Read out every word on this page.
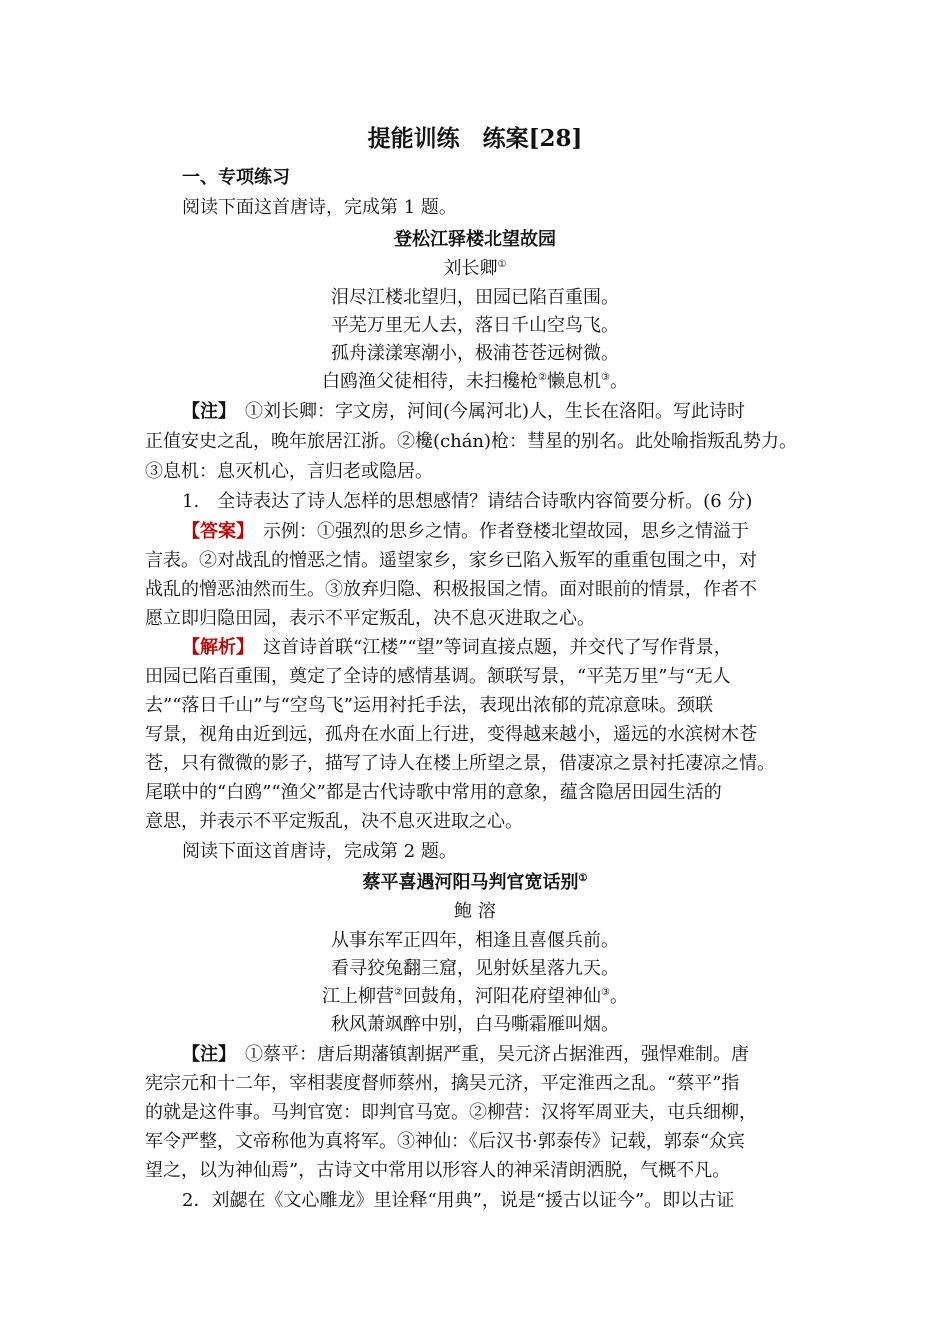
提能训练　练案[28]
一、专项练习
阅读下面这首唐诗，完成第 1 题。
登松江驿楼北望故园
刘长卿①
泪尽江楼北望归，田园已陷百重围。
平芜万里无人去，落日千山空鸟飞。
孤舟漾漾寒潮小，极浦苍苍远树微。
白鸥渔父徒相待，未扫欃枪②懒息机③。
【注】　 ①刘长卿：字文房，河间(今属河北)人，生长在洛阳。写此诗时
正值安史之乱，晚年旅居江浙。②欃(chán)枪：彗星的别名。此处喻指叛乱势力。
③息机：息灭机心，言归老或隐居。
1.　全诗表达了诗人怎样的思想感情？请结合诗歌内容简要分析。(6 分)
【答案】　 示例：①强烈的思乡之情。作者登楼北望故园，思乡之情溢于
言表。②对战乱的憎恶之情。遥望家乡，家乡已陷入叛军的重重包围之中，对
战乱的憎恶油然而生。③放弃归隐、积极报国之情。面对眼前的情景，作者不
愿立即归隐田园，表示不平定叛乱，决不息灭进取之心。
【解析】　 这首诗首联“江楼”“望”等词直接点题，并交代了写作背景，
田园已陷百重围，奠定了全诗的感情基调。颔联写景，“平芜万里”与“无人
去”“落日千山”与“空鸟飞”运用衬托手法，表现出浓郁的荒凉意味。颈联
写景，视角由近到远，孤舟在水面上行进，变得越来越小，遥远的水滨树木苍
苍，只有微微的影子，描写了诗人在楼上所望之景，借凄凉之景衬托凄凉之情。
尾联中的“白鸥”“渔父”都是古代诗歌中常用的意象，蕴含隐居田园生活的
意思，并表示不平定叛乱，决不息灭进取之心。
阅读下面这首唐诗，完成第 2 题。
蔡平喜遇河阳马判官宽话别①
鲍 溶
从事东军正四年，相逢且喜偃兵前。
看寻狡兔翻三窟，见射妖星落九天。
江上柳营②回鼓角，河阳花府望神仙③。
秋风萧飒醉中别，白马嘶霜雁叫烟。
【注】　 ①蔡平：唐后期藩镇割据严重，吴元济占据淮西，强悍难制。唐
宪宗元和十二年，宰相裴度督师蔡州，擒吴元济，平定淮西之乱。“蔡平”指
的就是这件事。马判官宽：即判官马宽。②柳营：汉将军周亚夫，屯兵细柳，
军令严整，文帝称他为真将军。③神仙：《后汉书·郭泰传》记载，郭泰“众宾
望之，以为神仙焉”，古诗文中常用以形容人的神采清朗洒脱，气概不凡。
2．刘勰在《文心雕龙》里诠释“用典”，说是“援古以证今”。即以古证
